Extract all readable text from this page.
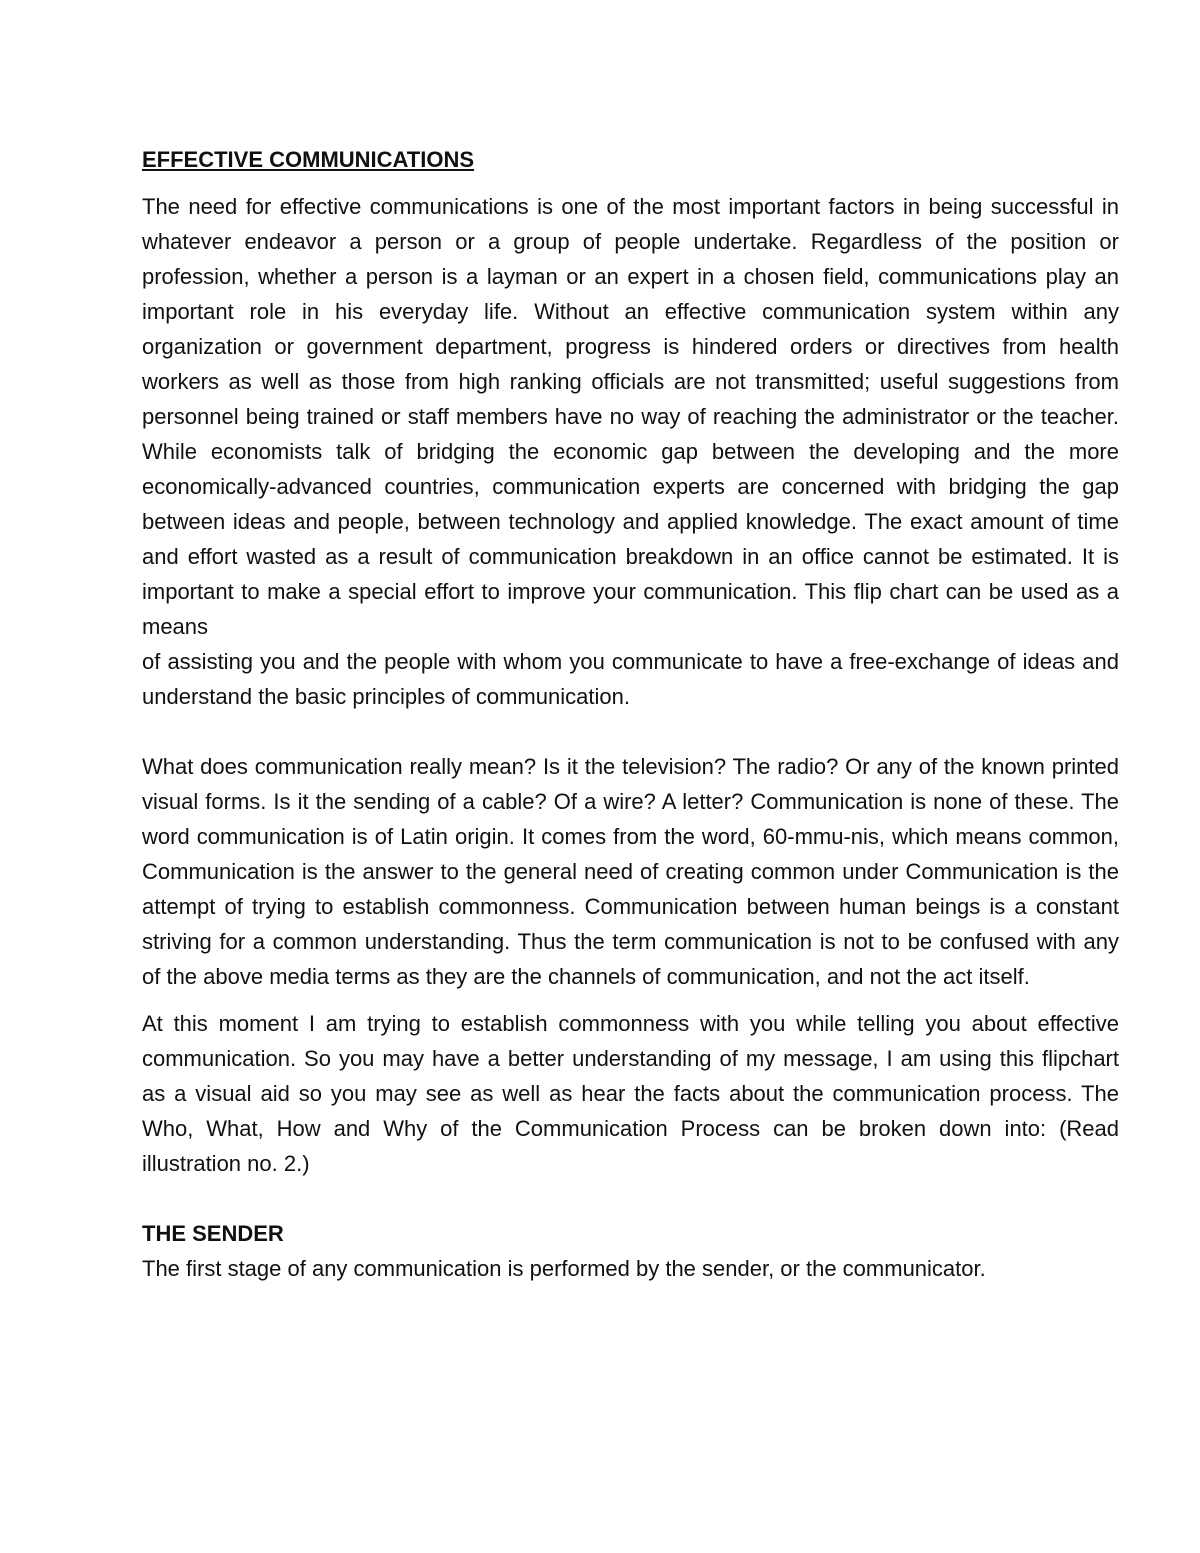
EFFECTIVE COMMUNICATIONS

The need for effective communications is one of the most important factors in being successful in whatever endeavor a person or a group of people undertake. Regardless of the position or profession, whether a person is a layman or an expert in a chosen field, communications play an important role in his everyday life. Without an effective communication system within any organization or government department, progress is hindered orders or directives from health workers as well as those from high ranking officials are not transmitted; useful suggestions from personnel being trained or staff members have no way of reaching the administrator or the teacher. While economists talk of bridging the economic gap between the developing and the more economically-advanced countries, communication experts are concerned with bridging the gap between ideas and people, between technology and applied knowledge. The exact amount of time and effort wasted as a result of communication breakdown in an office cannot be estimated. It is important to make a special effort to improve your communication. This flip chart can be used as a means

of assisting you and the people with whom you communicate to have a free-exchange of ideas and understand the basic principles of communication.

What does communication really mean? Is it the television? The radio? Or any of the known printed visual forms. Is it the sending of a cable? Of a wire? A letter? Communication is none of these. The word communication is of Latin origin. It comes from the word, 60-mmu-nis, which means common, Communication is the answer to the general need of creating common under Communication is the attempt of trying to establish commonness. Communication between human beings is a constant striving for a common understanding. Thus the term communication is not to be confused with any of the above media terms as they are the channels of communication, and not the act itself.

At this moment I am trying to establish commonness with you while telling you about effective communication. So you may have a better understanding of my message, I am using this flipchart as a visual aid so you may see as well as hear the facts about the communication process. The Who, What, How and Why of the Communication Process can be broken down into: (Read illustration no. 2.)

THE SENDER

The first stage of any communication is performed by the sender, or the communicator.
